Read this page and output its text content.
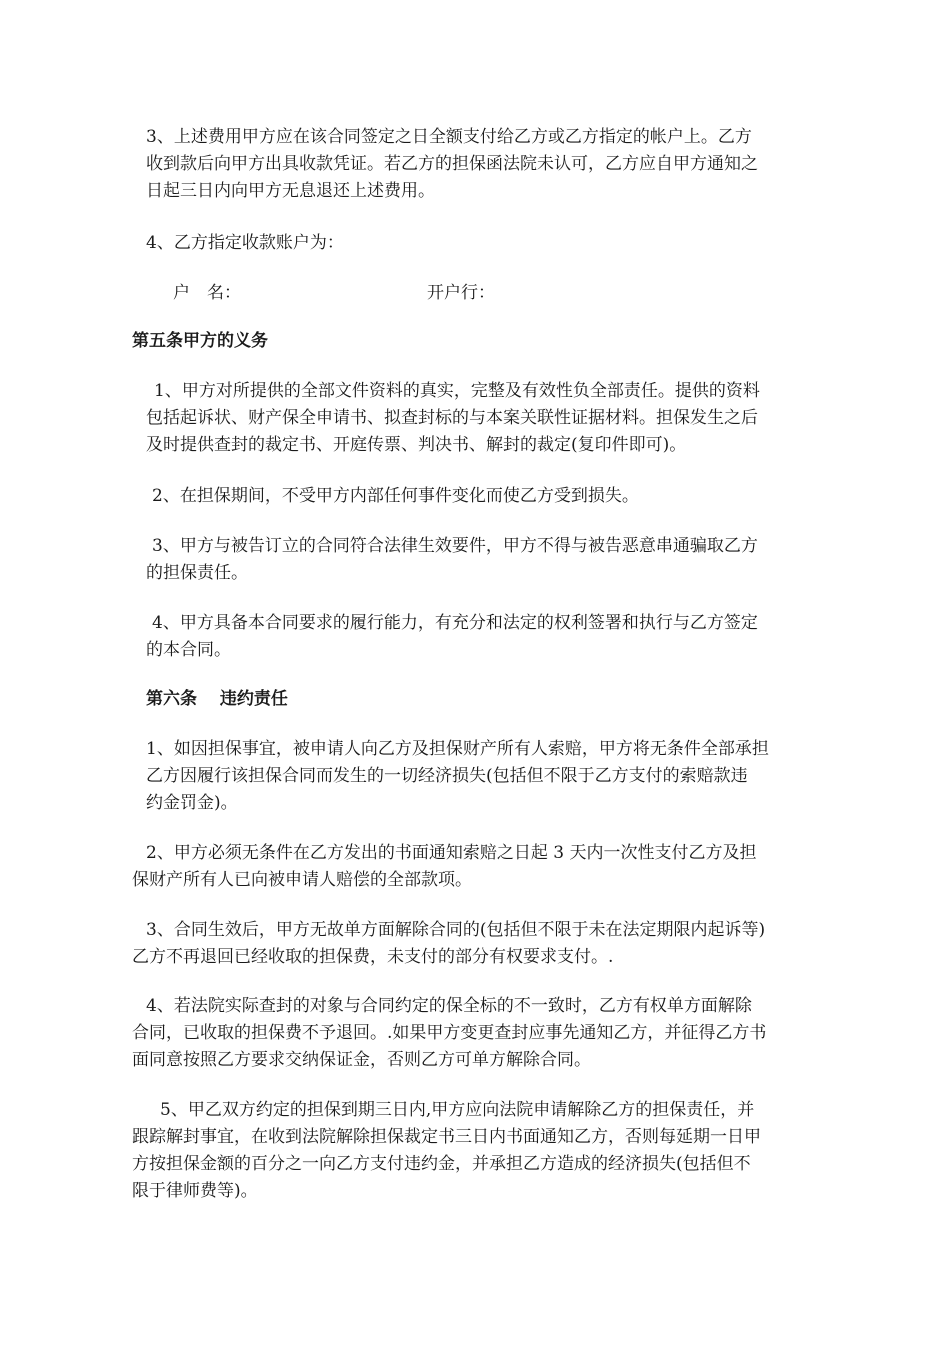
3、上述费用甲方应在该合同签定之日全额支付给乙方或乙方指定的帐户上。乙方
收到款后向甲方出具收款凭证。若乙方的担保函法院未认可，乙方应自甲方通知之
日起三日内向甲方无息退还上述费用。
4、乙方指定收款账户为：
户　名：	开户行：
第五条甲方的义务
1、甲方对所提供的全部文件资料的真实，完整及有效性负全部责任。提供的资料
包括起诉状、财产保全申请书、拟查封标的与本案关联性证据材料。担保发生之后
及时提供查封的裁定书、开庭传票、判决书、解封的裁定(复印件即可)。
2、在担保期间，不受甲方内部任何事件变化而使乙方受到损失。
3、甲方与被告订立的合同符合法律生效要件，甲方不得与被告恶意串通骗取乙方
的担保责任。
4、甲方具备本合同要求的履行能力，有充分和法定的权利签署和执行与乙方签定
的本合同。
第六条　 违约责任
1、如因担保事宜，被申请人向乙方及担保财产所有人索赔，甲方将无条件全部承担
乙方因履行该担保合同而发生的一切经济损失(包括但不限于乙方支付的索赔款违
约金罚金)。
2、甲方必须无条件在乙方发出的书面通知索赔之日起 3 天内一次性支付乙方及担
保财产所有人已向被申请人赔偿的全部款项。
3、合同生效后，甲方无故单方面解除合同的(包括但不限于未在法定期限内起诉等)
乙方不再退回已经收取的担保费，未支付的部分有权要求支付。.
4、若法院实际查封的对象与合同约定的保全标的不一致时，乙方有权单方面解除
合同，已收取的担保费不予退回。.如果甲方变更查封应事先通知乙方，并征得乙方书
面同意按照乙方要求交纳保证金，否则乙方可单方解除合同。
5、甲乙双方约定的担保到期三日内,甲方应向法院申请解除乙方的担保责任，并
跟踪解封事宜，在收到法院解除担保裁定书三日内书面通知乙方，否则每延期一日甲
方按担保金额的百分之一向乙方支付违约金，并承担乙方造成的经济损失(包括但不
限于律师费等)。
